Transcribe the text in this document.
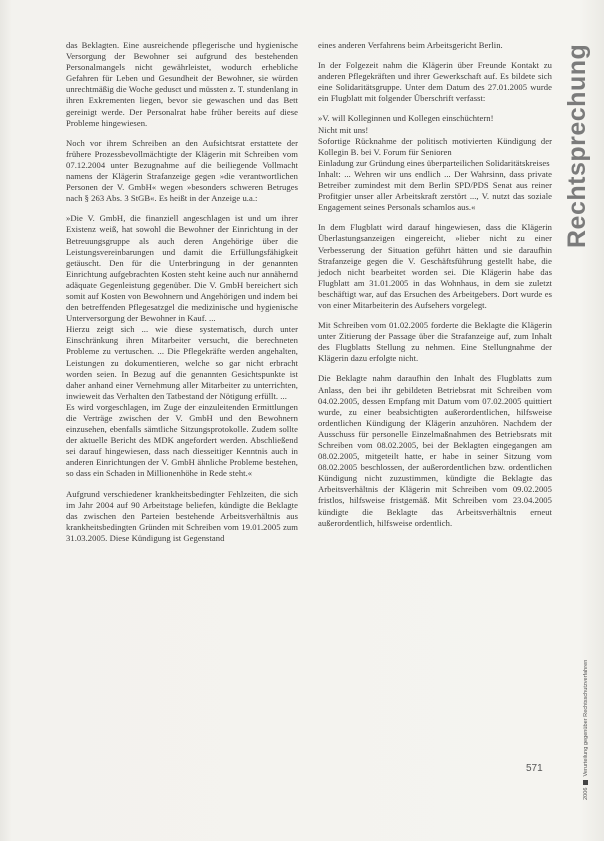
das Beklagten. Eine ausreichende pflegerische und hygienische Versorgung der Bewohner sei aufgrund des bestehenden Personalmangels nicht gewährleistet, wodurch erhebliche Gefahren für Leben und Gesundheit der Bewohner, sie würden unrechtmäßig die Woche gedusct und müssten z. T. stundenlang in ihren Exkrementen liegen, bevor sie gewaschen und das Bett gereinigt werde. Der Personalrat habe früher bereits auf diese Probleme hingewiesen.

Noch vor ihrem Schreiben an den Aufsichtsrat erstattete der frühere Prozessbevollmächtigte der Klägerin mit Schreiben vom 07.12.2004 unter Bezugnahme auf die beiliegende Vollmacht namens der Klägerin Strafanzeige gegen »die verantwortlichen Personen der V. GmbH« wegen »besonders schweren Betruges nach § 263 Abs. 3 StGB«. Es heißt in der Anzeige u.a.:

»Die V. GmbH, die finanziell angeschlagen ist und um ihrer Existenz weiß, hat sowohl die Bewohner der Einrichtung in der Betreuungsgruppe als auch deren Angehörige über die Leistungsvereinbarungen und damit die Erfüllungsfähigkeit getäuscht. Den für die Unterbringung in der genannten Einrichtung aufgebrachten Kosten steht keine auch nur annähernd adäquate Gegenleistung gegenüber. Die V. GmbH bereichert sich somit auf Kosten von Bewohnern und Angehörigen und indem bei den betreffenden Pflegesatzgel die medizinische und hygienische Unterversorgung der Bewohner in Kauf. ...

Hierzu zeigt sich ... wie diese systematisch, durch unter Einschränkung ihren Mitarbeiter versucht, die berechneten Probleme zu vertuschen. ... Die Pflegekräfte werden angehalten, Leistungen zu dokumentieren, welche so gar nicht erbracht worden seien. In Bezug auf die genannten Gesichtspunkte ist daher anhand einer Vernehmung aller Mitarbeiter zu unterrichten, inwieweit das Verhalten den Tatbestand der Nötigung erfüllt. ...

Es wird vorgeschlagen, im Zuge der einzuleitenden Ermittlungen die Verträge zwischen der V. GmbH und den Bewohnern einzusehen, ebenfalls sämtliche Sitzungsprotokolle. Zudem sollte der aktuelle Bericht des MDK angefordert werden. Abschließend sei darauf hingewiesen, dass nach diesseitiger Kenntnis auch in anderen Einrichtungen der V. GmbH ähnliche Probleme bestehen, so dass ein Schaden in Millionenhöhe in Rede steht.«

Aufgrund verschiedener krankheitsbedingter Fehlzeiten, die sich im Jahr 2004 auf 90 Arbeitstage beliefen, kündigte die Beklagte das zwischen den Parteien bestehende Arbeitsverhältnis aus krankheitsbedingten Gründen mit Schreiben vom 19.01.2005 zum 31.03.2005. Diese Kündigung ist Gegenstand

eines anderen Verfahrens beim Arbeitsgericht Berlin.

In der Folgezeit nahm die Klägerin über Freunde Kontakt zu anderen Pflegekräften und ihrer Gewerkschaft auf. Es bildete sich eine Solidaritätsgruppe. Unter dem Datum des 27.01.2005 wurde ein Flugblatt mit folgender Überschrift verfasst:

»V. will Kolleginnen und Kollegen einschüchtern!
Nicht mit uns!
Sofortige Rücknahme der politisch motivierten Kündigung der Kollegin B. bei V. Forum für Senioren
Einladung zur Gründung eines überparteilichen Solidaritätskreises
Inhalt: ... Wehren wir uns endlich ... Der Wahrsinn, dass private Betreiber zumindest mit dem Berlin SPD/PDS Senat aus reiner Profitgier unser aller Arbeitskraft zerstört ..., V. nutzt das soziale Engagement seines Personals schamlos aus.«

In dem Flugblatt wird darauf hingewiesen, dass die Klägerin Überlastungsanzeigen eingereicht, »lieber nicht zu einer Verbesserung der Situation geführt hätten und sie daraufhin Strafanzeige gegen die V. Geschäftsführung gestellt habe, die jedoch nicht bearbeitet worden sei. Die Klägerin habe das Flugblatt am 31.01.2005 in das Wohnhaus, in dem sie zuletzt beschäftigt war, auf das Ersuchen des Arbeitgebers. Dort wurde es von einer Mitarbeiterin des Aufsehers vorgelegt.

Mit Schreiben vom 01.02.2005 forderte die Beklagte die Klägerin unter Zitierung der Passage über die Strafanzeige auf, zum Inhalt des Flugblatts Stellung zu nehmen. Eine Stellungnahme der Klägerin dazu erfolgte nicht.

Die Beklagte nahm daraufhin den Inhalt des Flugblatts zum Anlass, den bei ihr gebildeten Betriebsrat mit Schreiben vom 04.02.2005, dessen Empfang mit Datum vom 07.02.2005 quittiert wurde, zu einer beabsichtigten außerordentlichen, hilfsweise ordentlichen Kündigung der Klägerin anzuhören. Nachdem der Ausschuss für personelle Einzelmaßnahmen des Betriebsrats mit Schreiben vom 08.02.2005, bei der Beklagten eingegangen am 08.02.2005, mitgeteilt hatte, er habe in seiner Sitzung vom 08.02.2005 beschlossen, der außerordentlichen bzw. ordentlichen Kündigung nicht zuzustimmen, kündigte die Beklagte das Arbeitsverhältnis der Klägerin mit Schreiben vom 09.02.2005 fristlos, hilfsweise fristgemäß. Mit Schreiben vom 23.04.2005 kündigte die Beklagte das Arbeitsverhältnis erneut außerordentlich, hilfsweise ordentlich.

Rechtsprechung
2006Verurteilung gegenüber Rechtsschutzverfahren
571
